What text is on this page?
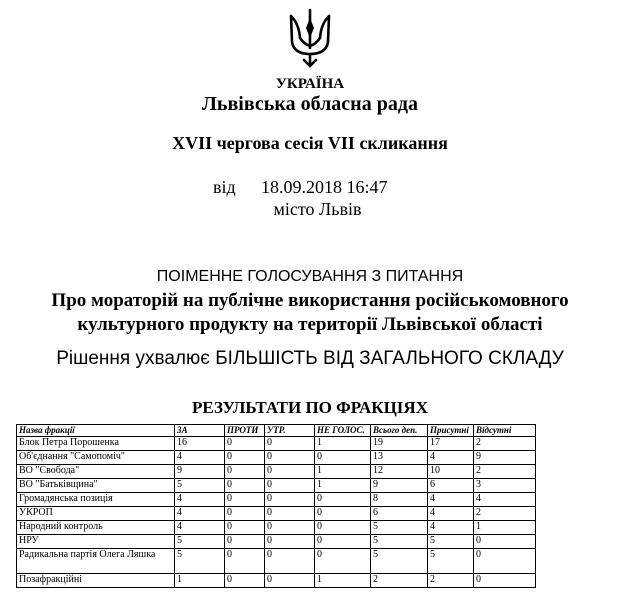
УКРАЇНА
Львівська обласна рада
XVII чергова сесія VII скликання
від 18.09.2018 16:47
місто Львів
ПОІМЕННЕ ГОЛОСУВАННЯ З ПИТАННЯ
Про мораторій на публічне використання російськомовного
культурного продукту на території Львівської області
Рішення ухвалює БІЛЬШІСТЬ ВІД ЗАГАЛЬНОГО СКЛАДУ
РЕЗУЛЬТАТИ ПО ФРАКЦІЯХ
Назва фракції	ЗА	ПРОТИ	УТР.	НЕ ГОЛОС.	Всього деп.	Присутні	Відсутні
Блок Петра Порошенка	16	0	0	1	19	17	2
Об'єднання "Самопоміч"	4	0	0	0	13	4	9
ВО "Свобода"	9	0	0	1	12	10	2
ВО "Батьківщина"	5	0	0	1	9	6	3
Громадянська позиція	4	0	0	0	8	4	4
УКРОП	4	0	0	0	6	4	2
Народний контроль	4	0	0	0	5	4	1
НРУ	5	0	0	0	5	5	0
Радикальна партія Олега Ляшка	5	0	0	0	5	5	0
Позафракційні	1	0	0	1	2	2	0
